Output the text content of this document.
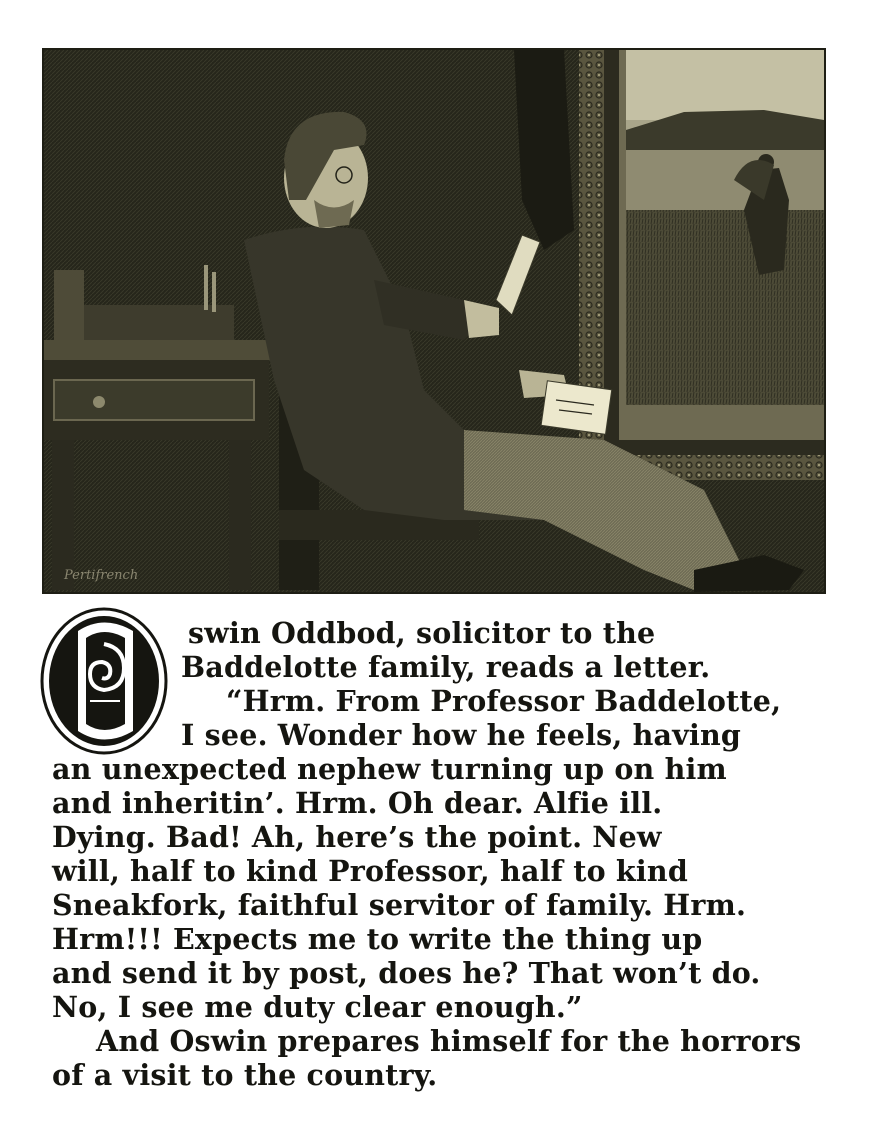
Pertifrench
swin Oddbod, solicitor to the
Baddelotte family, reads a letter.
“Hrm. From Professor Baddelotte,
I see. Wonder how he feels, having
an unexpected nephew turning up on him
and inheritin’. Hrm. Oh dear. Alfie ill.
Dying. Bad! Ah, here’s the point. New
will, half to kind Professor, half to kind
Sneakfork, faithful servitor of family. Hrm.
Hrm!!! Expects me to write the thing up
and send it by post, does he? That won’t do.
No, I see me duty clear enough.”
And Oswin prepares himself for the horrors
of a visit to the country.
